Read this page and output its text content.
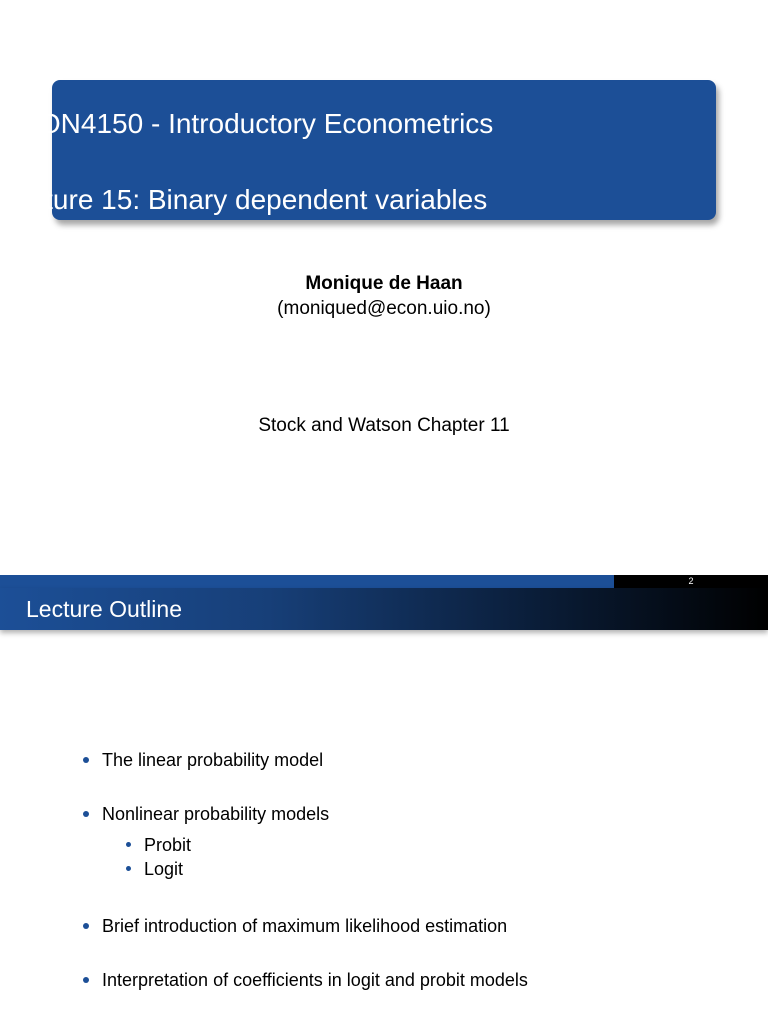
ECON4150 - Introductory Econometrics
Lecture 15: Binary dependent variables
Monique de Haan
(moniqued@econ.uio.no)
Stock and Watson Chapter 11
2
Lecture Outline
The linear probability model
Nonlinear probability models
Probit
Logit
Brief introduction of maximum likelihood estimation
Interpretation of coefficients in logit and probit models
